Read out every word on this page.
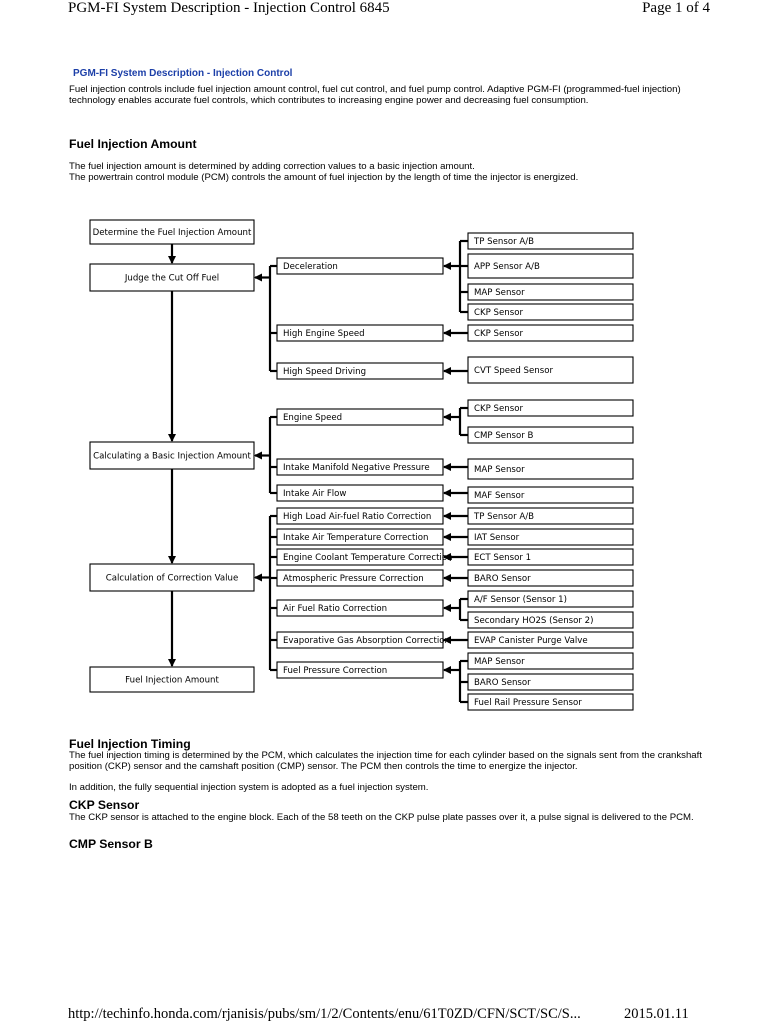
PGM-FI System Description - Injection Control 6845	Page 1 of 4
PGM-FI System Description - Injection Control
Fuel injection controls include fuel injection amount control, fuel cut control, and fuel pump control. Adaptive PGM-FI (programmed-fuel injection) technology enables accurate fuel controls, which contributes to increasing engine power and decreasing fuel consumption.
Fuel Injection Amount
The fuel injection amount is determined by adding correction values to a basic injection amount.
The powertrain control module (PCM) controls the amount of fuel injection by the length of time the injector is energized.
Determine the Fuel Injection Amount
Judge the Cut Off Fuel
Calculating a Basic Injection Amount
Calculation of Correction Value
Fuel Injection Amount
Deceleration
High Engine Speed
High Speed Driving
Engine Speed
Intake Manifold Negative Pressure
Intake Air Flow
High Load Air-fuel Ratio Correction
Intake Air Temperature Correction
Engine Coolant Temperature Correction
Atmospheric Pressure Correction
Air Fuel Ratio Correction
Evaporative Gas Absorption Correction
Fuel Pressure Correction
TP Sensor A/B
APP Sensor A/B
MAP Sensor
CKP Sensor
CKP Sensor
CVT Speed Sensor
CKP Sensor
CMP Sensor B
MAP Sensor
MAF Sensor
TP Sensor A/B
IAT Sensor
ECT Sensor 1
BARO Sensor
A/F Sensor (Sensor 1)
Secondary HO2S (Sensor 2)
EVAP Canister Purge Valve
MAP Sensor
BARO Sensor
Fuel Rail Pressure Sensor
Fuel Injection Timing
The fuel injection timing is determined by the PCM, which calculates the injection time for each cylinder based on the signals sent from the crankshaft position (CKP) sensor and the camshaft position (CMP) sensor. The PCM then controls the time to energize the injector.
In addition, the fully sequential injection system is adopted as a fuel injection system.
CKP Sensor
The CKP sensor is attached to the engine block. Each of the 58 teeth on the CKP pulse plate passes over it, a pulse signal is delivered to the PCM.
CMP Sensor B
http://techinfo.honda.com/rjanisis/pubs/sm/1/2/Contents/enu/61T0ZD/CFN/SCT/SC/S...	2015.01.11
